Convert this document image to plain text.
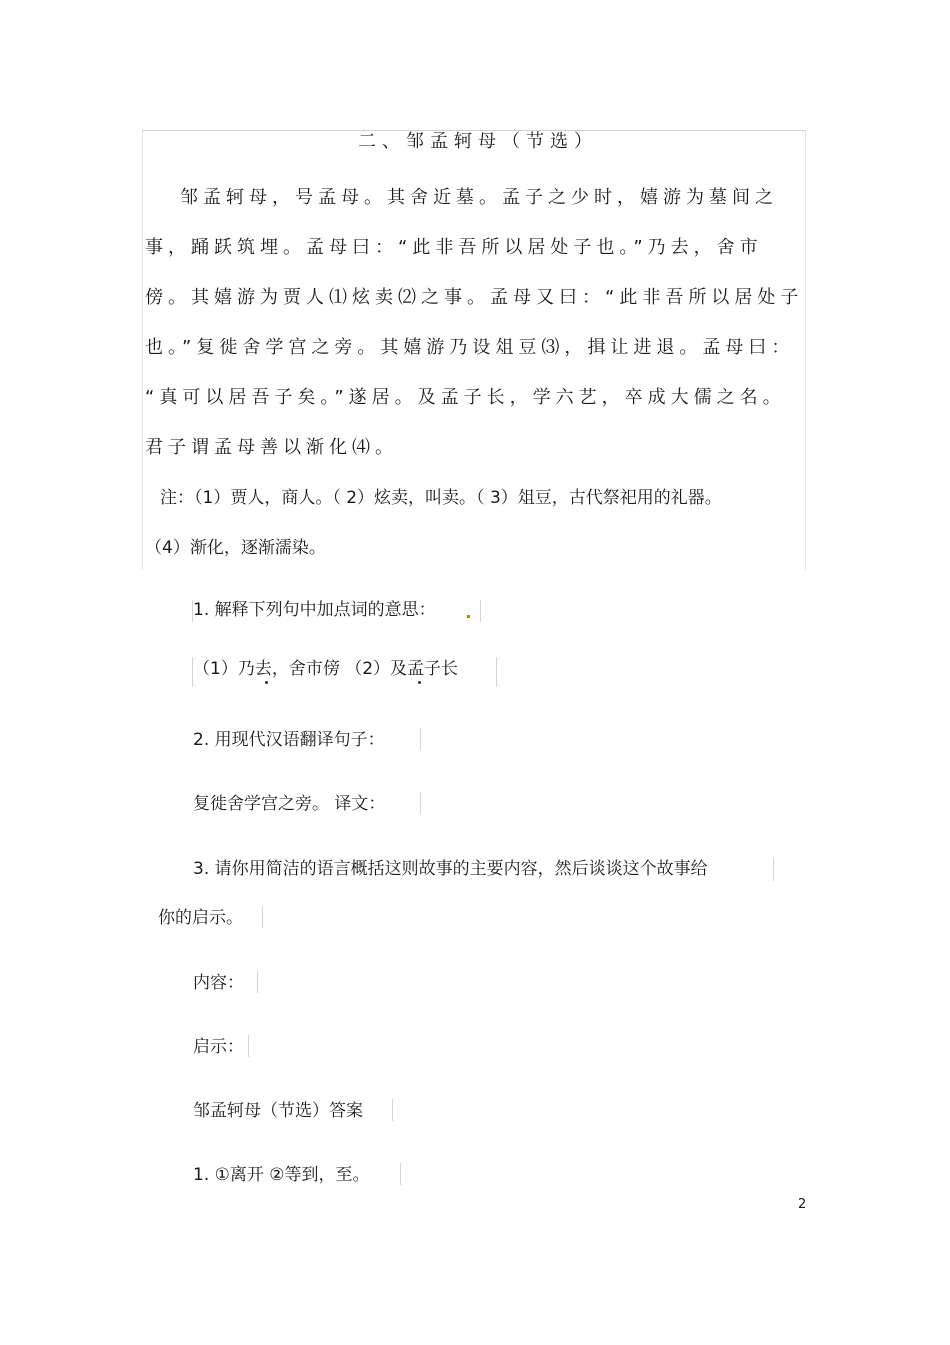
二、邹孟轲母（节选）
邹孟轲母，号孟母。其舍近墓。孟子之少时，嬉游为墓间之
事，踊跃筑埋。孟母曰：“此非吾所以居处子也。”乃去，舍市
傍。其嬉游为贾人⑴炫卖⑵之事。孟母又曰：“此非吾所以居处子
也。”复徙舍学宫之旁。其嬉游乃设俎豆⑶，揖让进退。孟母曰：
“真可以居吾子矣。”遂居。及孟子长，学六艺，卒成大儒之名。
君子谓孟母善以渐化⑷。
注：（1）贾人，商人。（ 2）炫卖，叫卖。（ 3）俎豆，古代祭祀用的礼器。
（4）渐化，逐渐濡染。
1. 解释下列句中加点词的意思：
（1）乃去，舍市傍 （2）及孟子长
2. 用现代汉语翻译句子：
复徙舍学宫之旁。 译文：
3. 请你用简洁的语言概括这则故事的主要内容，然后谈谈这个故事给
你的启示。
内容：
启示：
邹孟轲母（节选）答案
1. ①离开 ②等到，至。
2
